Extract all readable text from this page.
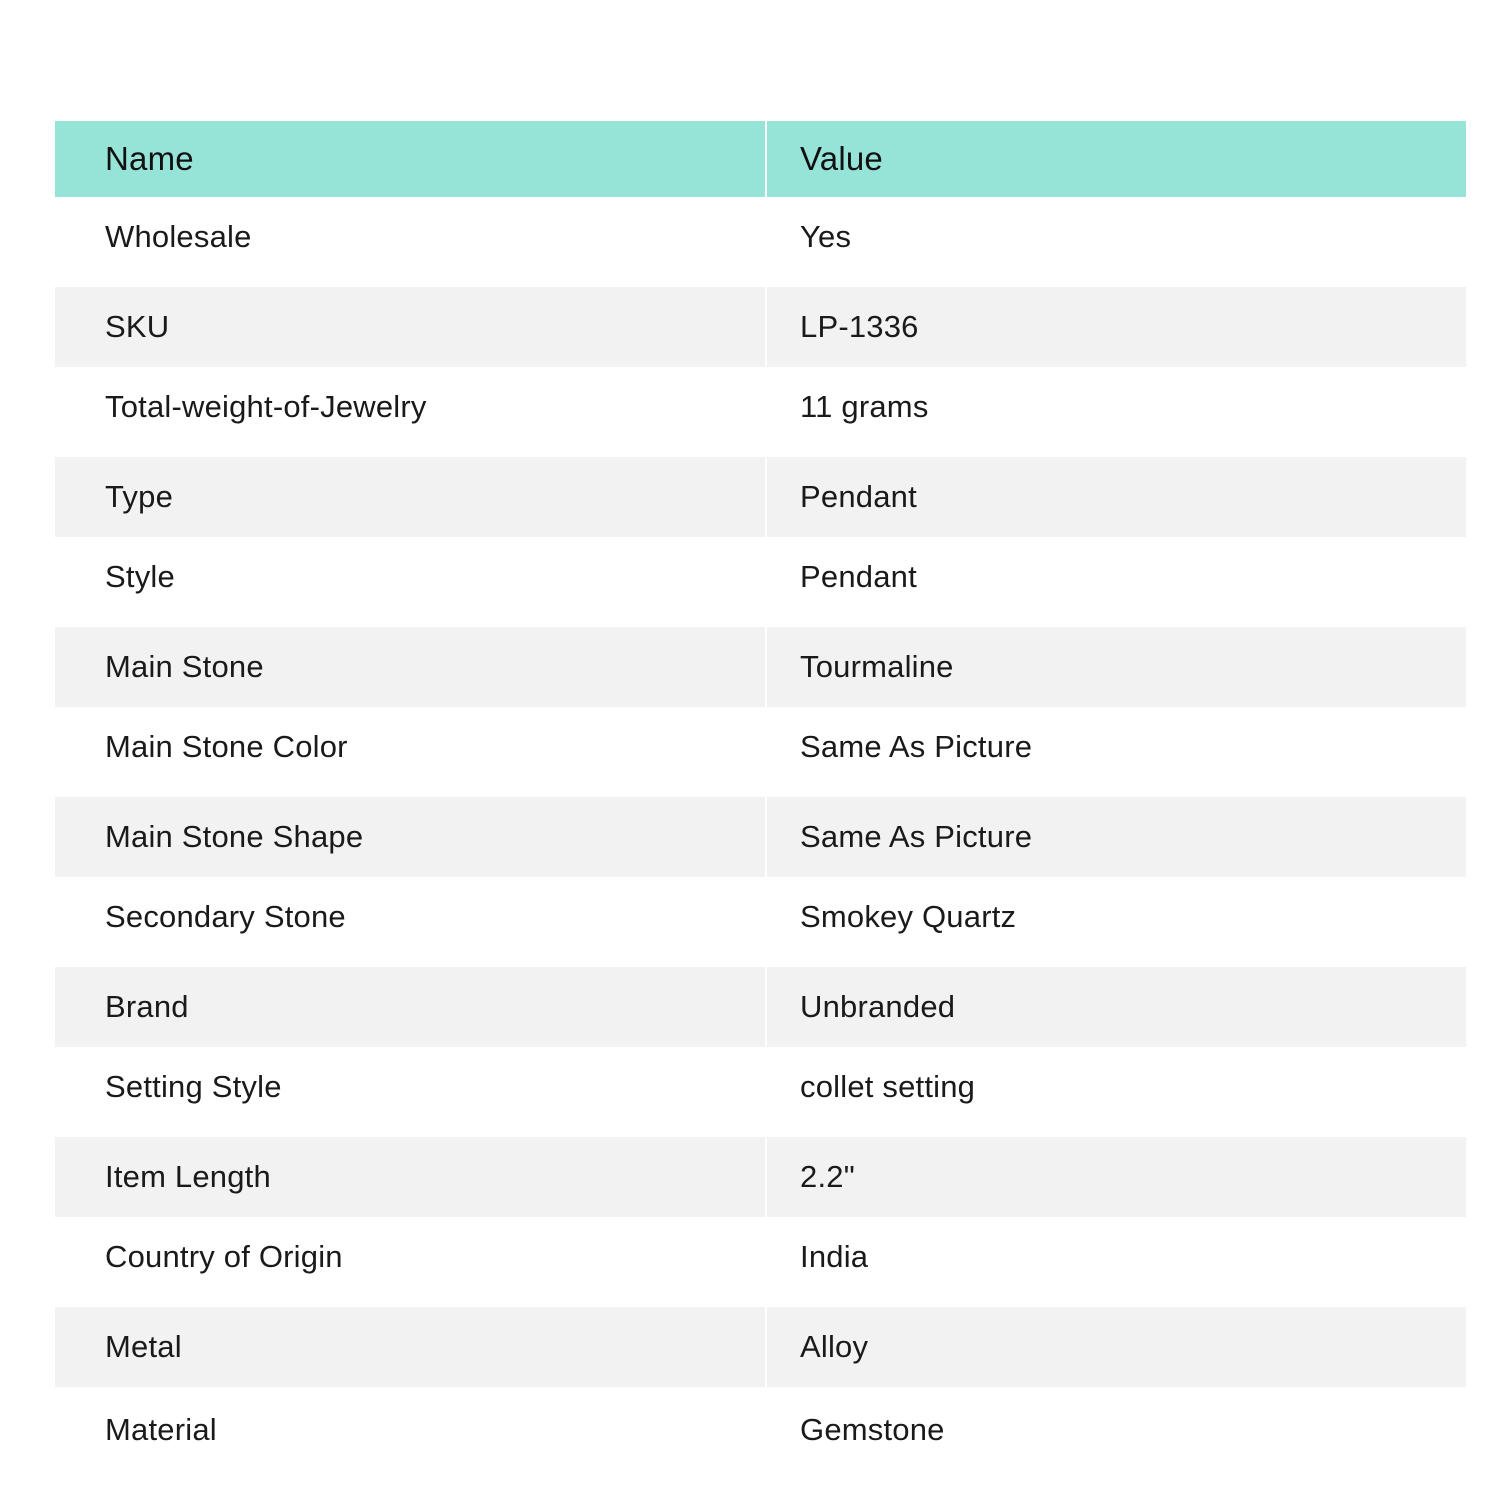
Name	Value
Wholesale	Yes
SKU	LP-1336
Total-weight-of-Jewelry	11 grams
Type	Pendant
Style	Pendant
Main Stone	Tourmaline
Main Stone Color	Same As Picture
Main Stone Shape	Same As Picture
Secondary Stone	Smokey Quartz
Brand	Unbranded
Setting Style	collet setting
Item Length	2.2"
Country of Origin	India
Metal	Alloy
Material	Gemstone
